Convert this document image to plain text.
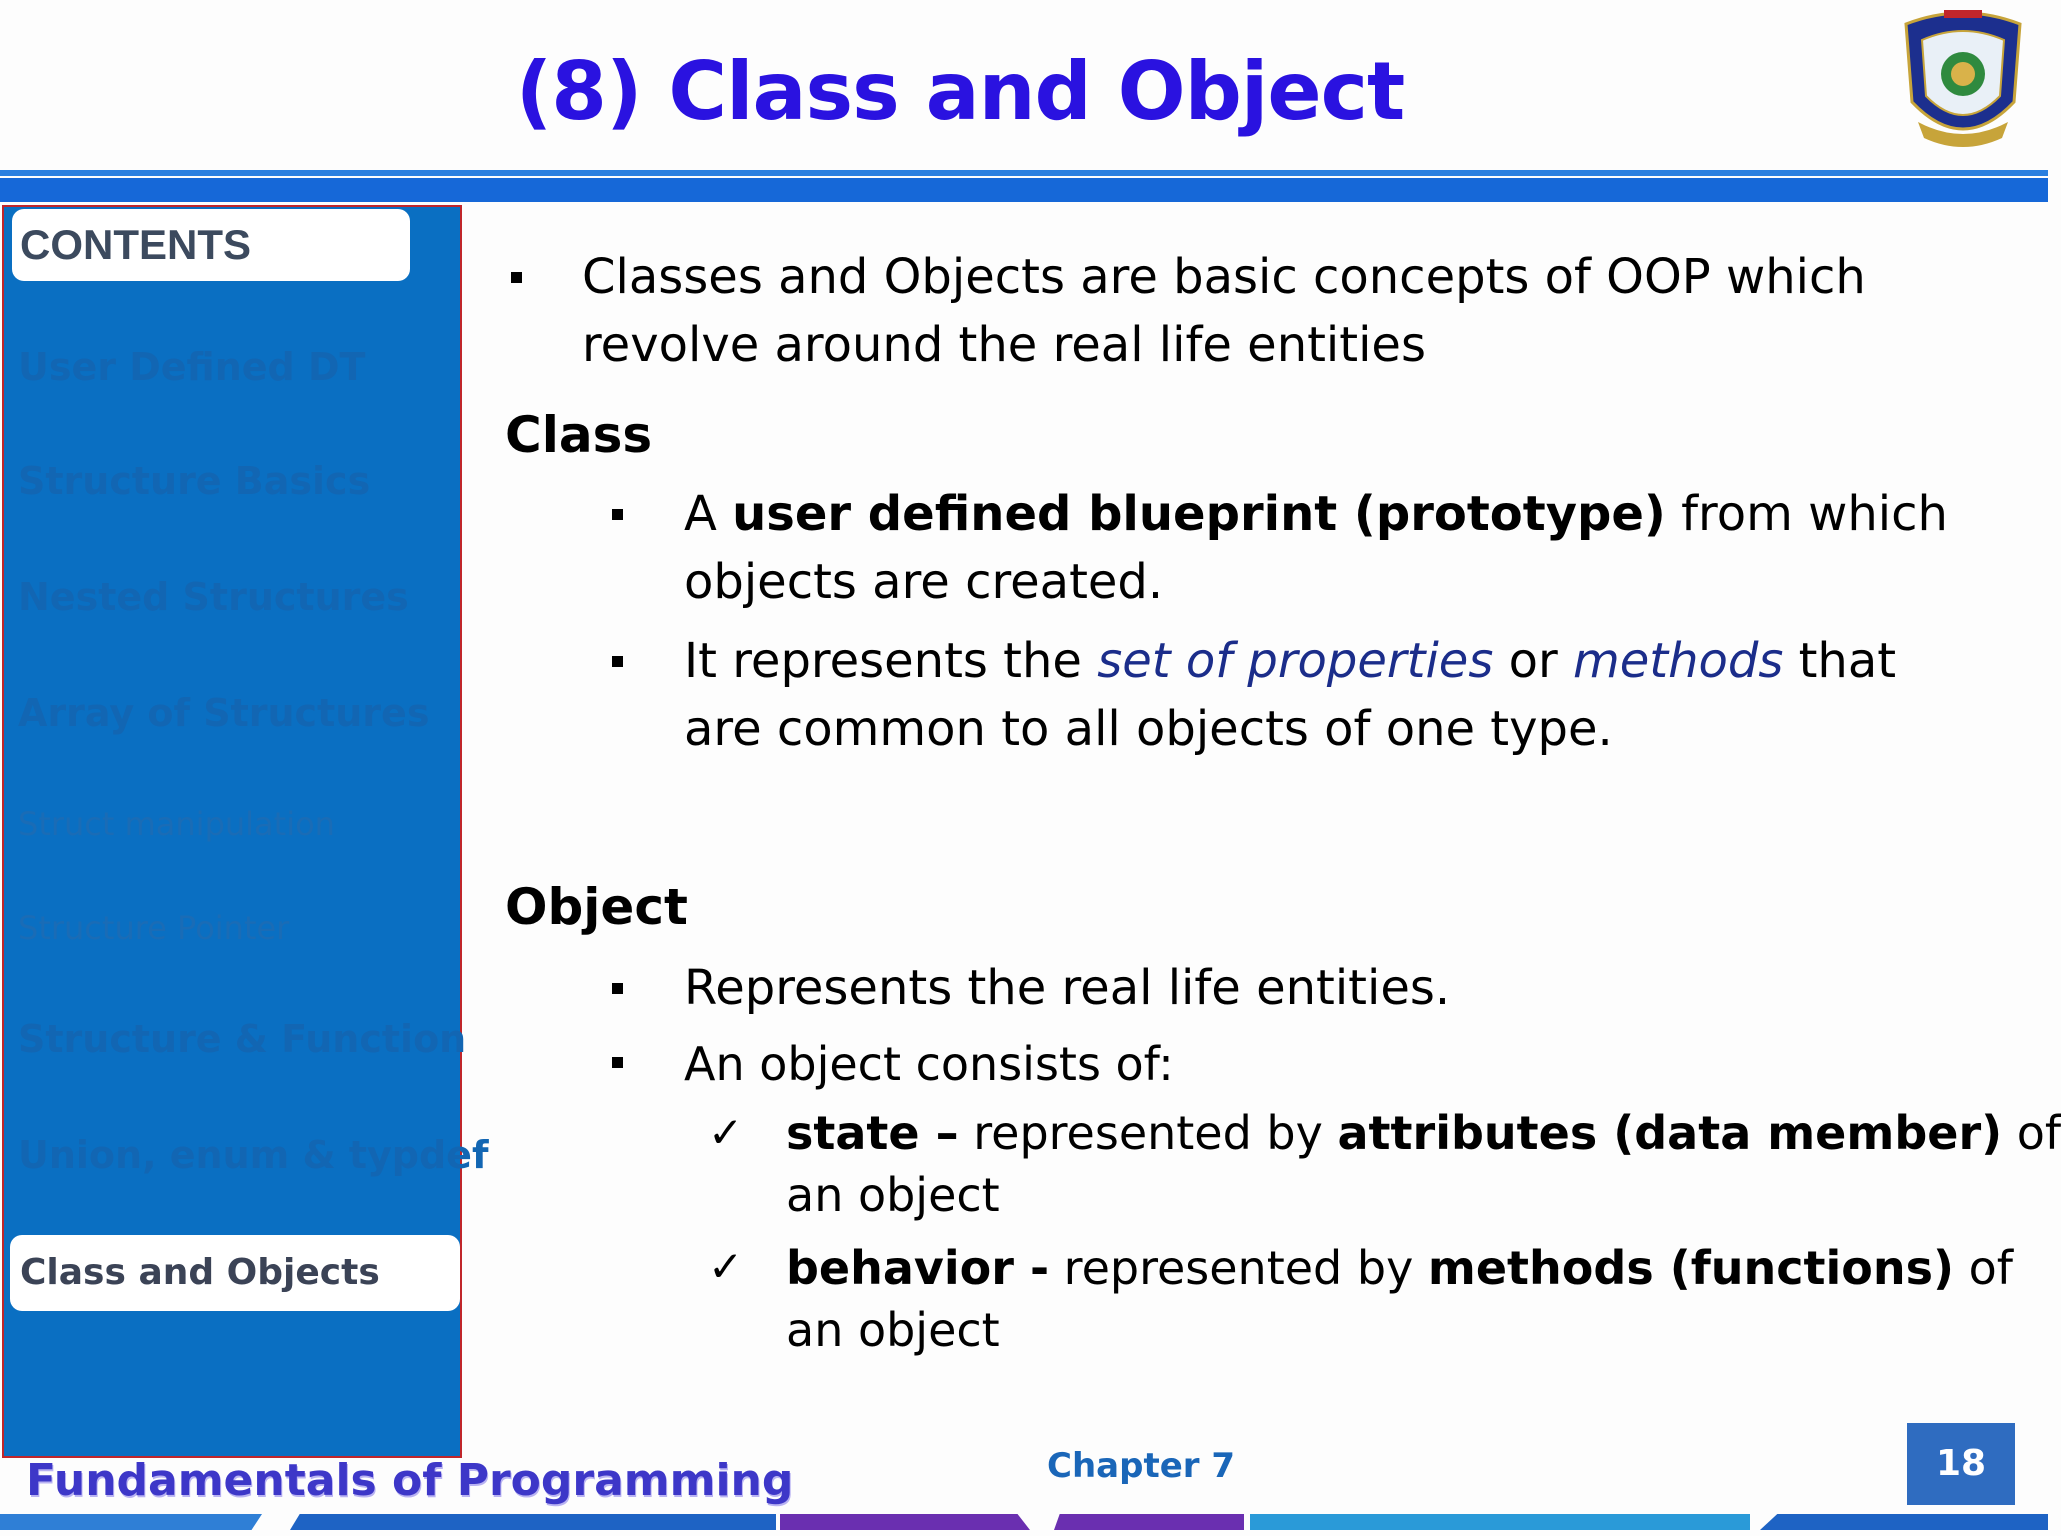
(8) Class and Object
CONTENTS
User Defined DT
Structure Basics
Nested Structures
Array of Structures
Struct manipulation
Structure Pointer
Structure & Function
Union, enum & typdef
Class and Objects
Classes and Objects are basic concepts of OOP which
revolve around the real life entities
Class
A user defined blueprint (prototype) from which
objects are created.
It represents the set of properties or methods that
are common to all objects of one type.
Object
Represents the real life entities.
An object consists of:
✓ state – represented by attributes (data member) of
an object
✓ behavior - represented by methods (functions) of
an object
Fundamentals of Programming	Chapter 7	18
